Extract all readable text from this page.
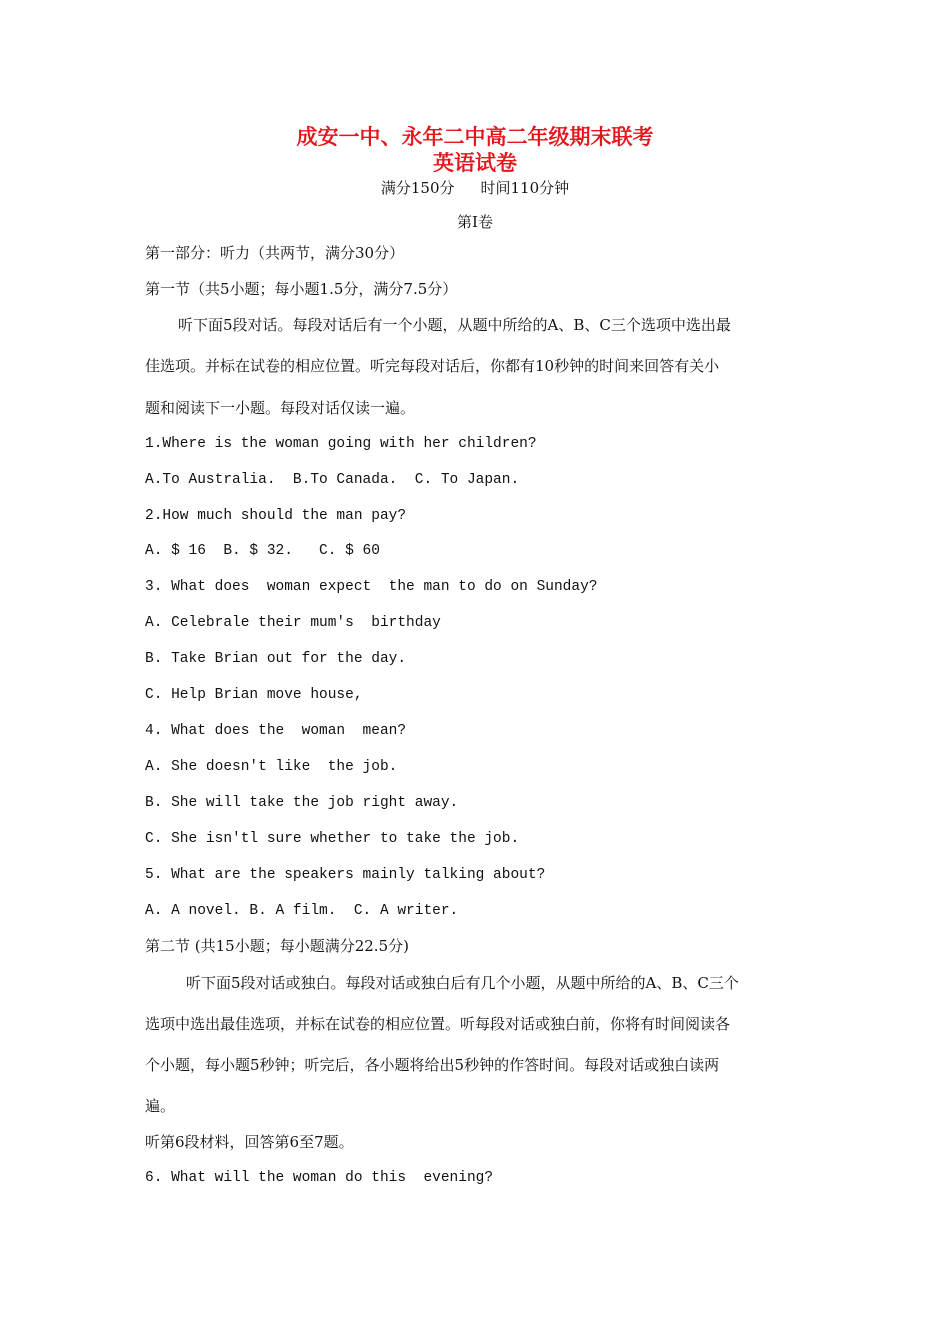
成安一中、永年二中高二年级期末联考
英语试卷
满分150分 时间110分钟
第Ⅰ卷
第一部分：听力（共两节，满分30分）
第一节（共5小题；每小题1.5分，满分7.5分）
听下面5段对话。每段对话后有一个小题，从题中所给的A、B、C三个选项中选出最
佳选项。并标在试卷的相应位置。听完每段对话后，你都有10秒钟的时间来回答有关小
题和阅读下一小题。每段对话仅读一遍。
1.Where is the woman going with her children?
A.To Australia.  B.To Canada.  C. To Japan.
2.How much should the man pay?
A. $ 16  B. $ 32.   C. $ 60
3. What does  woman expect  the man to do on Sunday?
A. Celebrale their mum's  birthday
B. Take Brian out for the day.
C. Help Brian move house,
4. What does the  woman  mean?
A. She doesn't like  the job.
B. She will take the job right away.
C. She isn'tl sure whether to take the job.
5. What are the speakers mainly talking about?
A. A novel. B. A film.  C. A writer.
第二节 (共15小题；每小题满分22.5分)
听下面5段对话或独白。每段对话或独白后有几个小题，从题中所给的A、B、C三个
选项中选出最佳选项，并标在试卷的相应位置。听每段对话或独白前，你将有时间阅读各
个小题，每小题5秒钟；听完后，各小题将给出5秒钟的作答时间。每段对话或独白读两
遍。
听第6段材料，回答第6至7题。
6. What will the woman do this  evening?
